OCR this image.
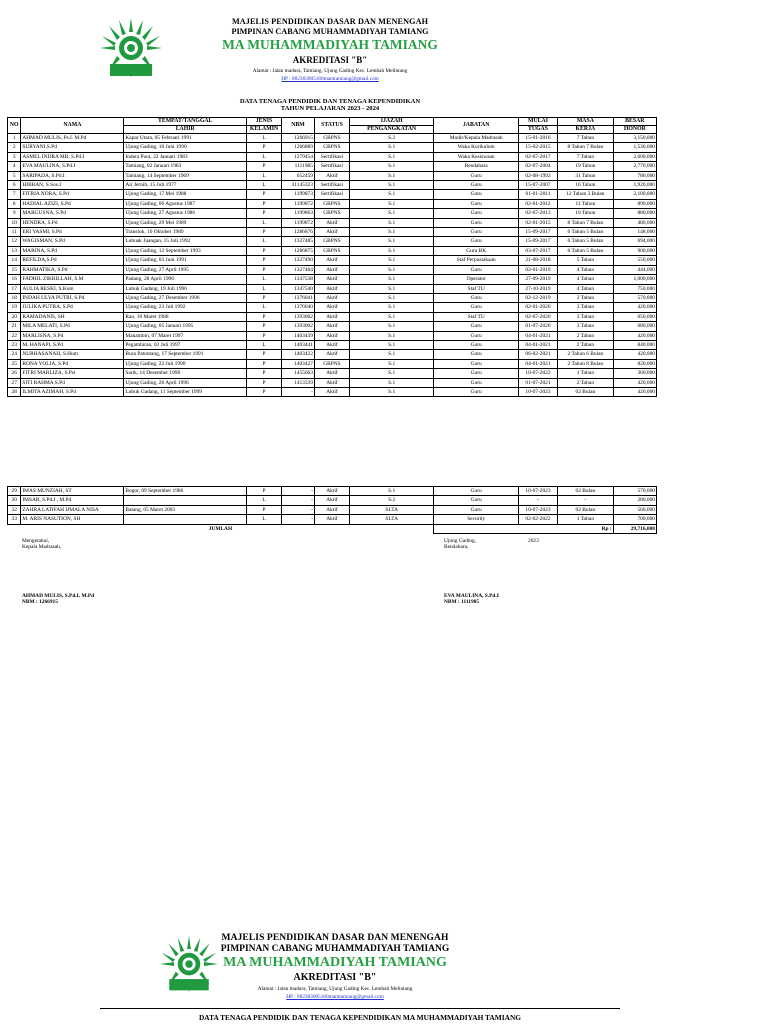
MAJELIS PENDIDIKAN DASAR DAN MENENGAH
PIMPINAN CABANG MUHAMMADIYAH TAMIANG
MA MUHAMMADIYAH TAMIANG
AKREDITASI "B"
Alamat : Jalan madura, Tamiang, Ujung Gading Kec. Lembah Melintang
HP : 082383005160mamtamiang@gmail.com
DATA TENAGA PENDIDIK DAN TENAGA KEPENDIDIKAN
TAHUN PELAJARAN 2023 - 2024
NO	NAMA	TEMPAT/TANGGAL	JENIS	NBM	STATUS	IJAZAH	JABATAN	MULAI	MASA	BESAR
		LAHIR	KELAMIN			PENGANGKATAN		TUGAS	KERJA	HONOR
1	AHMAD MULIS, Ps.I. M.Pd	Kapar Utara, 05 Februari 1991	L	1266915	GBPNS	S.2	Mudir/Kepala Madrasah	15-01-2016	7 Tahun	3,150,000
2	SURYANI,S.Pd	Ujung Gading, 10 Juni 1990	P	1266889	GBPNS	S.1	Waka Kurikulum	15-02-2015	8 Tahun 7 Bulan	1,530,000
3	ASMEL INDRA MB, S.Pd.I	Indera Pura, 22 Januari 1983	L	1279454	Sertifikasi	S.1	Waka Kesiswaan	02-07-2017	7 Tahun	2,600,000
4	EVA MAULINA, S.Pd.I	Tamiang, 02 Januari 1983	P	1111985	Sertifikasi	S.1	Bendahara	02-07-2004	19 Tahun	2,770,000
5	SARIPADA, S.Pd.I	Tamiang, 14 September 1969	L	652459	Aktif	S.1	Guru	02-08-1992	31 Tahun	780,000
6	HIBBAN, S.Sos.I	Air Jernih, 15 Juli 1977	L	31145323	Sertifikasi	S.1	Guru	15-07-2007	16 Tahun	1,920,000
7	FITRIA NORA, S.Pd	Ujung Gading, 17 Mei 1988	P	1199873	Sertifikasi	S.1	Guru	01-01-2011	12 Tahun 3 Bulan	2,100,000
8	HADIAL AZIZI, S.Pd	Ujung Gading, 06 Agustus 1987	P	1199872	GBPNS	S.1	Guru	02-01-2012	11 Tahun	890,000
9	MARGUSNA, S.Pd	Ujung Gading, 27 Agustus 1986	P	1199863	GBPNS	S.1	Guru	02-07-2013	10 Tahun	880,000
10	HENDRA, S.Pd	Ujung Gading, 29 Mei 1989	L	1199872	Aktif	S.1	Guru	02-01-2015	8 Tahun 7 Bulan	480,000
11	ERI YASMI, S.Pd	Translok, 10 Oktober 1989	P	1286876	Aktif	S.1	Guru	15-09-2017	6 Tahun 5 Bulan	148,000
12	WAGISMAN, S.Pd	Lubuak Juangan, 15 Juli 1992	L	1327485	GBPNS	S.1	Guru	15-09-2017	6 Tahun 5 Bulan	694,000
13	MARINA, S.Pd	Ujung Gading, 12 September 1993	P	1286875	GBPNS	S.1	Guru BK	03-07-2017	6 Tahun 5 Bulan	900,000
14	REFILDA,S.Pd	Ujung Gading, 03 Juni 1991	P	1327490	Aktif	S.1	Staf Perpustakaan	21-08-2018	5 Tahun	550,000
15	RAHMATIKA, S.Pd	Ujung Gading, 27 April 1995	P	1327484	Aktif	S.1	Guru	02-01-2019	4 Tahun	444,000
16	FADHIL ZIKRILLAH, S.M	Padang, 28 April 1996	L	1347538	Aktif	S.1	Operator	27-09-2019	4 Tahun	1,000,000
17	AULIA RESKI, S.Kom	Lubuk Gadang, 19 Juli 1996	L	1347540	Aktif	S.1	Staf TU	27-10-2019	4 Tahun	750,000
18	INDAH ULYA PUTRI, S.Pd	Ujung Gading, 27 Desember 1996	P	1376041	Aktif	S.1	Guru	02-12-2019	3 Tahun	570,000
19	JULIKA PUTRA, S.Pd	Ujung Gading, 23 Juli 1992	L	1376040	Aktif	S.1	Guru	02-01-2020	3 Tahun	420,000
20	RAMADANIS, SH	Rao, 10 Maret 1988	P	1393062	Aktif	S.1	Staf TU	02-07-2020	3 Tahun	650,000
21	MILA MELATI, S.Pd	Ujung Gading, 05 Januari 1995	P	1393002	Aktif	S.1	Guru	01-07-2020	3 Tahun	680,000
22	MARLISNA, S.Pd	Manambin, 07 Maret 1997	P	1403439	Aktif	S.1	Guru	04-01-2021	2 Tahun	420,000
23	M. HANAPI, S.Pd	Pegambiran, 02 Juli 1997	L	1403441	Aktif	S.1	Guru	04-01-2021	2 Tahun	840,000
24	NURHASANAH, S.Hum	Bura Patontang, 17 September 1991	P	1403422	Aktif	S.1	Guru	06-02-2021	2 Tahun 6 Bulan	420,000
25	RONA YOLIA, S.Pd	Ujung Gading, 22 Juli 1990	P	1403427	GBPNS	S.1	Guru	04-01-2021	2 Tahun 8 Bulan	820,000
26	FITRI MARLIZA, S.Psi	Sarik, 14 Desember 1998	P	1455663	Aktif	S.1	Guru	10-07-2022	1 Tahun	360,000
27	SITI RAHMA S.Pd	Ujung Gading, 26 April 1996	P	1413339	Aktif	S.1	Guru	01-07-2021	2 Tahun	420,000
28	ILMITA AZIMAH, S.Pd	Lubuk Gadang, 11 September 1999	P	-	Aktif	S.1	Guru	10-07-2023	02 Bulan	420,000
29	IMAS MUNZIAH, ST	Bogor, 09 September 1986	P	-	Aktif	S.1	Guru	10-07-2023	02 Bulan	570,000
30	IMSAR, S.Pd.I , M.Pd		L	-	Aktif	S.2	Guru	-	-	280,000
32	ZAHRA LATIFAH IJMALA NISA	Batang, 05 Maret 2003	P	-	Aktif	SLTA	Guru	10-07-2023	02 Bulan	560,000
33	M. ARIS NASUTION, SH		L	-	Aktif	SLTA	Security	02-02-2022	1 Tahun	700,000
JUMLAH							Rp :			29,716,000
Mengetahui,
Kepala Madrasah,
AHMAD MULIS, S.Pd.I. M.Pd
NBM : 1266915
Ujung Gading,	2023
Bendahara,
EVA MAULINA, S.Pd.I
NBM : 1111985
MAJELIS PENDIDIKAN DASAR DAN MENENGAH
PIMPINAN CABANG MUHAMMADIYAH TAMIANG
MA MUHAMMADIYAH TAMIANG
AKREDITASI "B"
Alamat : Jalan madura, Tamiang, Ujung Gading Kec. Lembah Melintang
HP : 082383005160mamtamiang@gmail.com
DATA TENAGA PENDIDIK DAN TENAGA KEPENDIDIKAN MA MUHAMMADIYAH TAMIANG
